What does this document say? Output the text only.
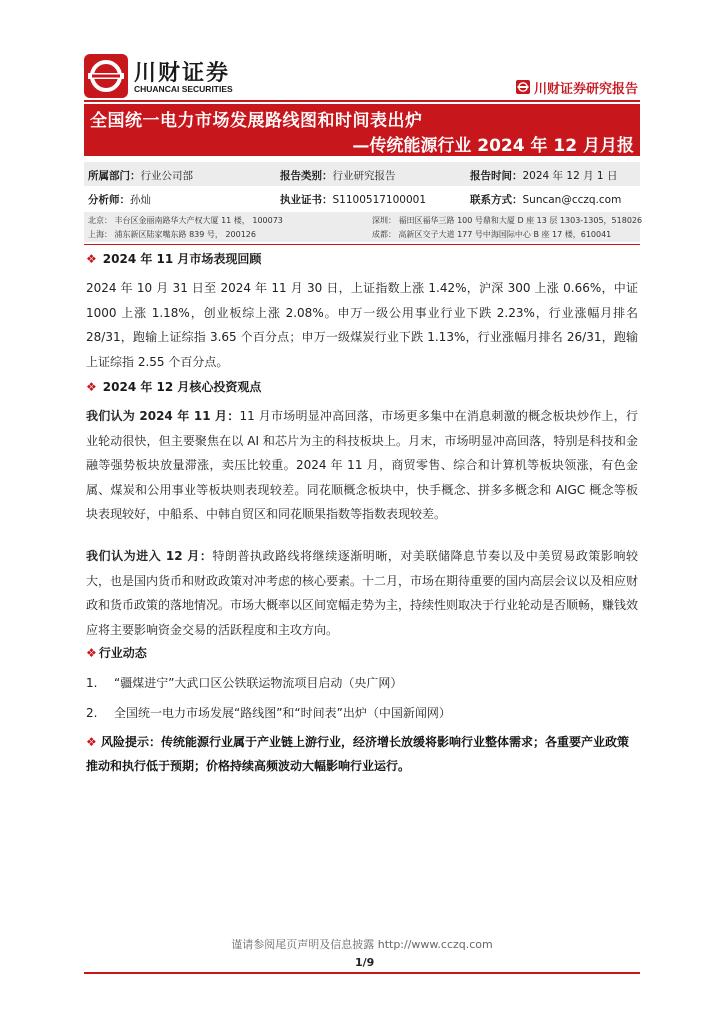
川财证券
CHUANCAI SECURITIES	川财证券研究报告
全国统一电力市场发展路线图和时间表出炉
—传统能源行业 2024 年 12 月月报
所属部门：行业公司部	报告类别：行业研究报告	报告时间：2024 年 12 月 1 日
分析师：孙灿	执业证书：S1100517100001	联系方式：Suncan@cczq.com
北京： 丰台区金丽南路华大产权大厦 11 楼， 100073	深圳： 福田区福华三路 100 号鼎和大厦 D 座 13 层 1303-1305，518026
上海： 浦东新区陆家嘴东路 839 号， 200126	成都： 高新区交子大道 177 号中海国际中心 B 座 17 楼，610041
❖ 2024 年 11 月市场表现回顾
2024 年 10 月 31 日至 2024 年 11 月 30 日，上证指数上涨 1.42%，沪深 300 上涨 0.66%，中证 1000 上涨 1.18%，创业板综上涨 2.08%。申万一级公用事业行业下跌 2.23%，行业涨幅月排名 28/31，跑输上证综指 3.65 个百分点；申万一级煤炭行业下跌 1.13%，行业涨幅月排名 26/31，跑输上证综指 2.55 个百分点。
❖ 2024 年 12 月核心投资观点
我们认为 2024 年 11 月：11 月市场明显冲高回落，市场更多集中在消息刺激的概念板块炒作上，行业轮动很快，但主要聚焦在以 AI 和芯片为主的科技板块上。月末，市场明显冲高回落，特别是科技和金融等强势板块放量滞涨，卖压比较重。2024 年 11 月，商贸零售、综合和计算机等板块领涨，有色金属、煤炭和公用事业等板块则表现较差。同花顺概念板块中，快手概念、拼多多概念和 AIGC 概念等板块表现较好，中船系、中韩自贸区和同花顺果指数等指数表现较差。
我们认为进入 12 月：特朗普执政路线将继续逐渐明晰，对美联储降息节奏以及中美贸易政策影响较大，也是国内货币和财政政策对冲考虑的核心要素。十二月，市场在期待重要的国内高层会议以及相应财政和货币政策的落地情况。市场大概率以区间宽幅走势为主，持续性则取决于行业轮动是否顺畅，赚钱效应将主要影响资金交易的活跃程度和主攻方向。
❖ 行业动态
1. “疆煤进宁”大武口区公铁联运物流项目启动（央广网）
2. 全国统一电力市场发展“路线图”和“时间表”出炉（中国新闻网）
❖ 风险提示：传统能源行业属于产业链上游行业，经济增长放缓将影响行业整体需求；各重要产业政策推动和执行低于预期；价格持续高频波动大幅影响行业运行。
谨请参阅尾页声明及信息披露 http://www.cczq.com
1/9
